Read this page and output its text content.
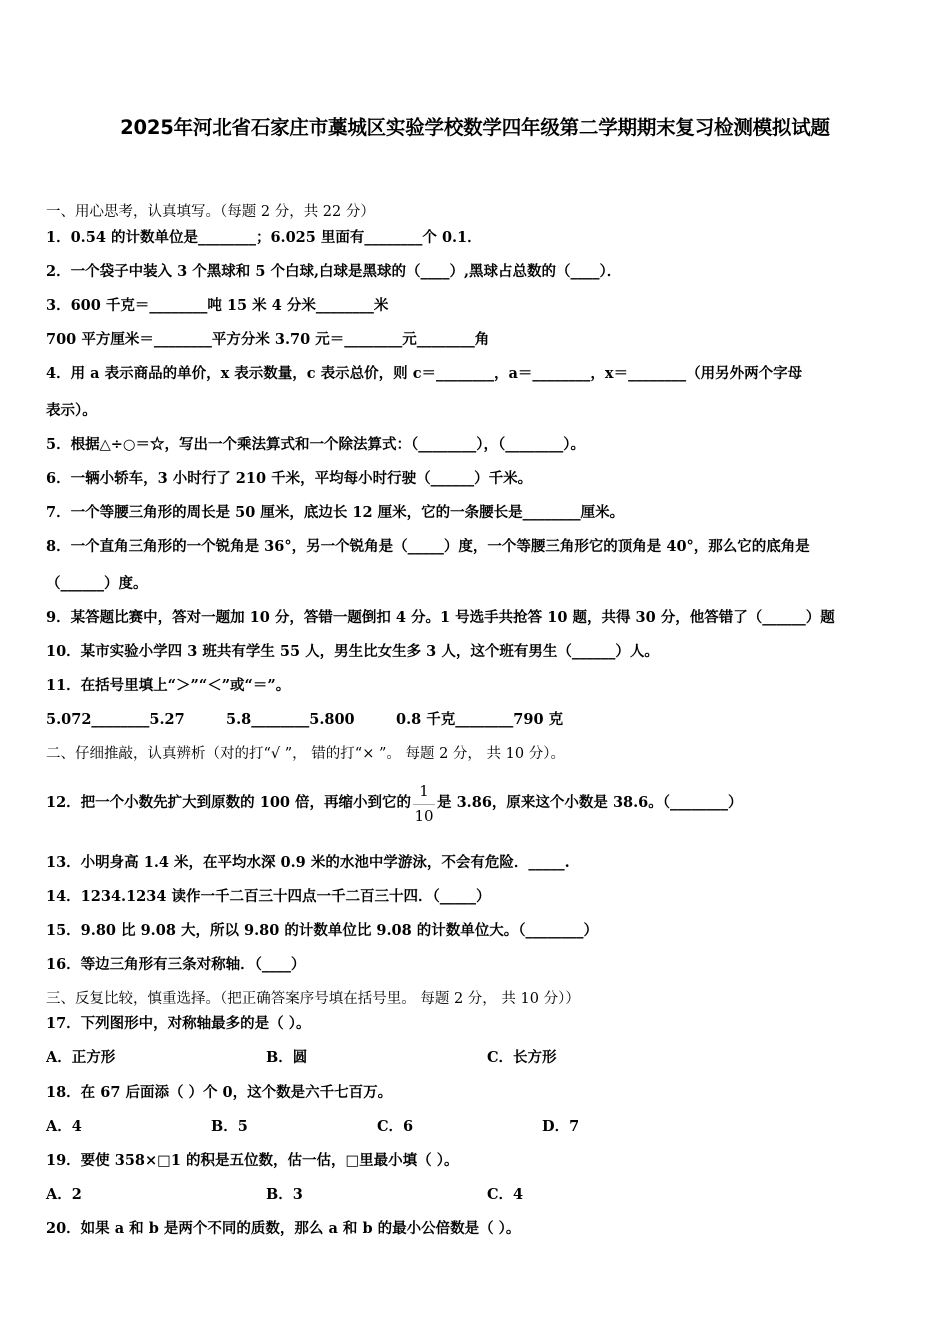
2025年河北省石家庄市藁城区实验学校数学四年级第二学期期末复习检测模拟试题
一、用心思考，认真填写。（每题 2 分，共 22 分）
1．0.54 的计数单位是________；6.025 里面有________个 0.1．
2．一个袋子中装入 3 个黑球和 5 个白球,白球是黑球的（____）,黑球占总数的（____）．
3．600 千克＝________吨 15 米 4 分米________米
700 平方厘米＝________平方分米 3.70 元＝________元________角
4．用 a 表示商品的单价，x 表示数量，c 表示总价，则 c＝________，a＝________，x＝________（用另外两个字母
表示）。
5．根据△÷○＝☆，写出一个乘法算式和一个除法算式：（________），（________）。
6．一辆小轿车，3 小时行了 210 千米，平均每小时行驶（______）千米。
7．一个等腰三角形的周长是 50 厘米，底边长 12 厘米，它的一条腰长是________厘米。
8．一个直角三角形的一个锐角是 36°，另一个锐角是（_____）度，一个等腰三角形它的顶角是 40°，那么它的底角是
（______）度。
9．某答题比赛中，答对一题加 10 分，答错一题倒扣 4 分。1 号选手共抢答 10 题，共得 30 分，他答错了（______）题
10．某市实验小学四 3 班共有学生 55 人，男生比女生多 3 人，这个班有男生（______）人。
11．在括号里填上“＞”“＜”或“＝”。
5.072________5.27	5.8________5.800	0.8 千克________790 克
二、仔细推敲，认真辨析（对的打“√ ”， 错的打“× ”。 每题 2 分， 共 10 分）。
12．把一个小数先扩大到原数的 100 倍，再缩小到它的
$\frac{1}{10}$
是 3.86，原来这个小数是 38.6。（________）
13．小明身高 1.4 米，在平均水深 0.9 米的水池中学游泳，不会有危险．_____.
14．1234.1234 读作一千二百三十四点一千二百三十四．（_____）
15．9.80 比 9.08 大，所以 9.80 的计数单位比 9.08 的计数单位大。（________）
16．等边三角形有三条对称轴．（____）
三、反复比较，慎重选择。（把正确答案序号填在括号里。 每题 2 分， 共 10 分））
17．下列图形中，对称轴最多的是（ ）。
A．正方形	B．圆	C．长方形
18．在 67 后面添（ ）个 0，这个数是六千七百万。
A．4	B．5	C．6	D．7
19．要使 358×□1 的积是五位数，估一估，□里最小填（ ）。
A．2	B．3	C．4
20．如果 a 和 b 是两个不同的质数，那么 a 和 b 的最小公倍数是（ ）。
